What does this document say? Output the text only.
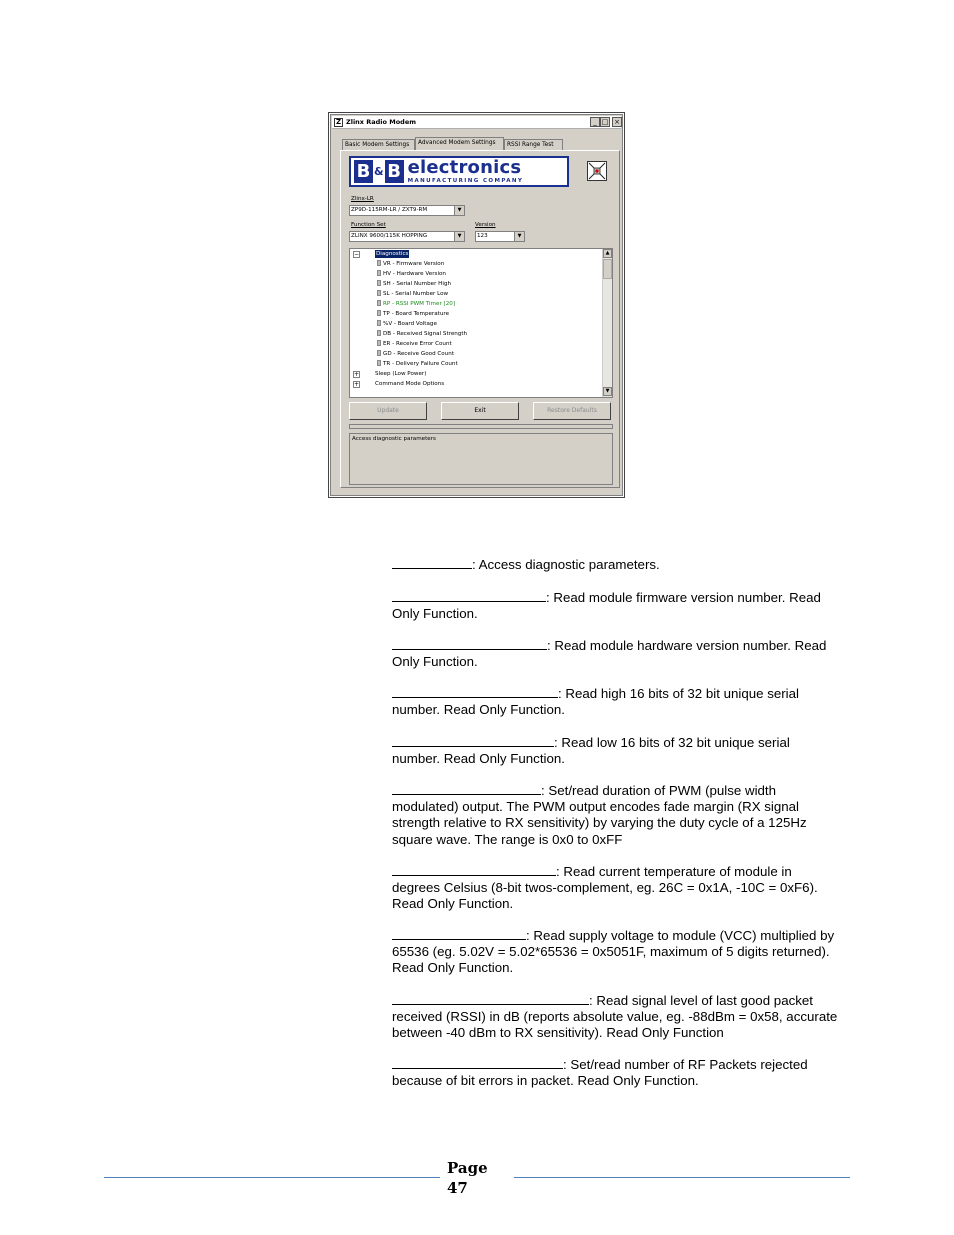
Z Zlinx Radio Modem	_ □ ×
Basic Modem Settings	Advanced Modem Settings	RSSI Range Test
B & B electronics
MANUFACTURING COMPANY
Zlinx-LR
ZP9D-115RM-LR / ZXT9-RM	▼
Function Set
ZLINX 9600/115K HOPPING	▼
Version
123	▼
−	Diagnostics
VR - Firmware Version
HV - Hardware Version
SH - Serial Number High
SL - Serial Number Low
RP - RSSI PWM Timer [20]
TP - Board Temperature
%V - Board Voltage
DB - Received Signal Strength
ER - Receive Error Count
GD - Receive Good Count
TR - Delivery Failure Count
+	Sleep (Low Power)
+	Command Mode Options
▲
▼
Update	Exit	Restore Defaults
Access diagnostic parameters
: Access diagnostic parameters.
: Read module firmware version number. Read Only Function.
: Read module hardware version number. Read Only Function.
: Read high 16 bits of 32 bit unique serial number. Read Only Function.
: Read low 16 bits of 32 bit unique serial number. Read Only Function.
: Set/read duration of PWM (pulse width modulated) output. The PWM output encodes fade margin (RX signal strength relative to RX sensitivity) by varying the duty cycle of a 125Hz square wave. The range is 0x0 to 0xFF
: Read current temperature of module in degrees Celsius (8-bit twos-complement, eg. 26C = 0x1A, -10C = 0xF6). Read Only Function.
: Read supply voltage to module (VCC) multiplied by 65536 (eg. 5.02V = 5.02*65536 = 0x5051F, maximum of 5 digits returned). Read Only Function.
: Read signal level of last good packet received (RSSI) in dB (reports absolute value, eg. -88dBm = 0x58, accurate between -40 dBm to RX sensitivity). Read Only Function
: Set/read number of RF Packets rejected because of bit errors in packet. Read Only Function.
Page
47
